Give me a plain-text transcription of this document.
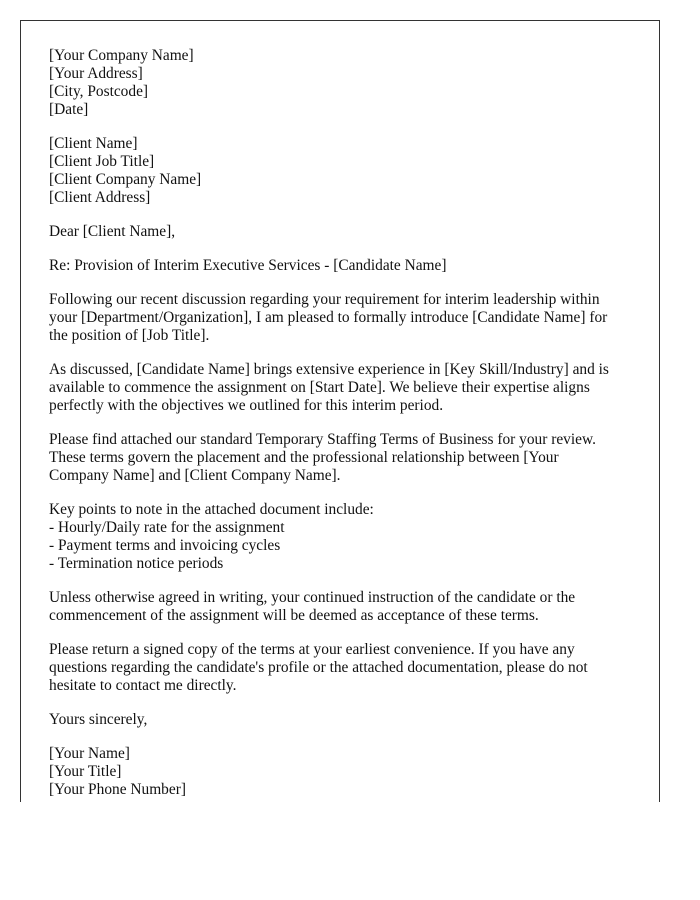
[Your Company Name]
[Your Address]
[City, Postcode]
[Date]
[Client Name]
[Client Job Title]
[Client Company Name]
[Client Address]

Dear [Client Name],

Re: Provision of Interim Executive Services - [Candidate Name]

Following our recent discussion regarding your requirement for interim leadership within
your [Department/Organization], I am pleased to formally introduce [Candidate Name] for
the position of [Job Title].

As discussed, [Candidate Name] brings extensive experience in [Key Skill/Industry] and is
available to commence the assignment on [Start Date]. We believe their expertise aligns
perfectly with the objectives we outlined for this interim period.

Please find attached our standard Temporary Staffing Terms of Business for your review.
These terms govern the placement and the professional relationship between [Your
Company Name] and [Client Company Name].

Key points to note in the attached document include:
- Hourly/Daily rate for the assignment
- Payment terms and invoicing cycles
- Termination notice periods

Unless otherwise agreed in writing, your continued instruction of the candidate or the
commencement of the assignment will be deemed as acceptance of these terms.

Please return a signed copy of the terms at your earliest convenience. If you have any
questions regarding the candidate's profile or the attached documentation, please do not
hesitate to contact me directly.

Yours sincerely,

[Your Name]
[Your Title]
[Your Phone Number]
